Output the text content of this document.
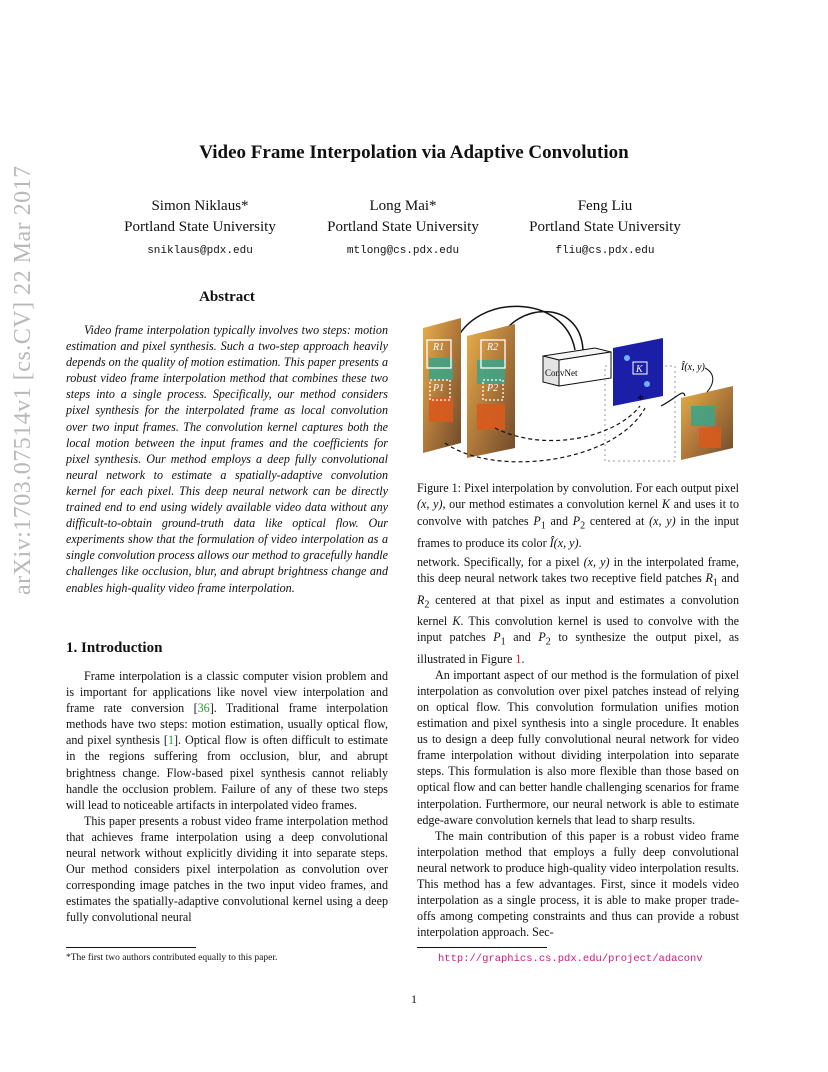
Video Frame Interpolation via Adaptive Convolution
Simon Niklaus*
Portland State University
sniklaus@pdx.edu
Long Mai*
Portland State University
mtlong@cs.pdx.edu
Feng Liu
Portland State University
fliu@cs.pdx.edu
arXiv:1703.07514v1 [cs.CV] 22 Mar 2017	Abstract

Video frame interpolation typically involves two steps: motion estimation and pixel synthesis. Such a two-step approach heavily depends on the quality of motion estimation. This paper presents a robust video frame interpolation method that combines these two steps into a single process. Specifically, our method considers pixel synthesis for the interpolated frame as local convolution over two input frames. The convolution kernel captures both the local motion between the input frames and the coefficients for pixel synthesis. Our method employs a deep fully convolutional neural network to estimate a spatially-adaptive convolution kernel for each pixel. This deep neural network can be directly trained end to end using widely available video data without any difficult-to-obtain ground-truth data like optical flow. Our experiments show that the formulation of video interpolation as a single convolution process allows our method to gracefully handle challenges like occlusion, blur, and abrupt brightness change and enables high-quality video frame interpolation.

1. Introduction

Frame interpolation is a classic computer vision problem and is important for applications like novel view interpolation and frame rate conversion [36]. Traditional frame interpolation methods have two steps: motion estimation, usually optical flow, and pixel synthesis [1]. Optical flow is often difficult to estimate in the regions suffering from occlusion, blur, and abrupt brightness change. Flow-based pixel synthesis cannot reliably handle the occlusion problem. Failure of any of these two steps will lead to noticeable artifacts in interpolated video frames.

This paper presents a robust video frame interpolation method that achieves frame interpolation using a deep convolutional neural network without explicitly dividing it into separate steps. Our method considers pixel interpolation as convolution over corresponding image patches in the two input video frames, and estimates the spatially-adaptive convolutional kernel using a deep fully convolutional neural

R1
P1
R2
P2
ConvNet	K
*
Î(x, y)
Figure 1: Pixel interpolation by convolution. For each output pixel (x, y), our method estimates a convolution kernel K and uses it to convolve with patches $P_1$ and $P_2$ centered at (x, y) in the input frames to produce its color Î(x, y).

network. Specifically, for a pixel (x, y) in the interpolated frame, this deep neural network takes two receptive field patches $R_1$ and $R_2$ centered at that pixel as input and estimates a convolution kernel K. This convolution kernel is used to convolve with the input patches $P_1$ and $P_2$ to synthesize the output pixel, as illustrated in Figure 1.

An important aspect of our method is the formulation of pixel interpolation as convolution over pixel patches instead of relying on optical flow. This convolution formulation unifies motion estimation and pixel synthesis into a single procedure. It enables us to design a deep fully convolutional neural network for video frame interpolation without dividing interpolation into separate steps. This formulation is also more flexible than those based on optical flow and can better handle challenging scenarios for frame interpolation. Furthermore, our neural network is able to estimate edge-aware convolution kernels that lead to sharp results.

The main contribution of this paper is a robust video frame interpolation method that employs a fully deep convolutional neural network to produce high-quality video interpolation results. This method has a few advantages. First, since it models video interpolation as a single process, it is able to make proper trade-offs among competing constraints and thus can provide a robust interpolation approach. Sec-

*The first two authors contributed equally to this paper.	http://graphics.cs.pdx.edu/project/adaconv
1
